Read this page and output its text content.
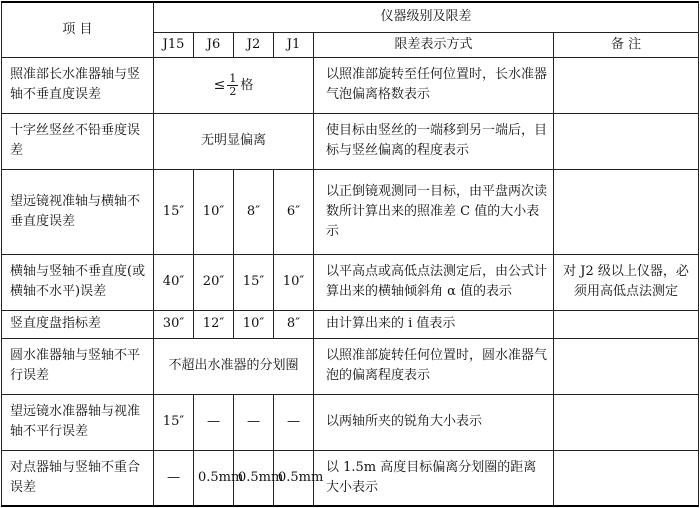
项 目	仪器级别及限差					
	J15	J6	J2	J1	限差表示方式	备 注
照准部长水准器轴与竖轴不垂直度误差	≤ $\frac{1}{2}$ 格				以照准部旋转至任何位置时，长水准器气泡偏离格数表示	
十字丝竖丝不铅垂度误差	无明显偏离				使目标由竖丝的一端移到另一端后，目标与竖丝偏离的程度表示	
望远镜视准轴与横轴不垂直度误差	15″	10″	8″	6″	以正倒镜观测同一目标，由平盘两次读数所计算出来的照准差 C 值的大小表示	
横轴与竖轴不垂直度(或横轴不水平)误差	40″	20″	15″	10″	以平高点或高低点法测定后，由公式计算出来的横轴倾斜角 α 值的表示	对 J2 级以上仪器，必须用高低点法测定
竖直度盘指标差	30″	12″	10″	8″	由计算出来的 i 值表示	
圆水准器轴与竖轴不平行误差	不超出水准器的分划圈				以照准部旋转任何位置时，圆水准器气泡的偏离程度表示	
望远镜水准器轴与视准轴不平行误差	15″	—	—	—	以两轴所夹的锐角大小表示	
对点器轴与竖轴不重合误差	—	0.5mm	0.5mm	0.5mm	以 1.5m 高度目标偏离分划圈的距离大小表示	
